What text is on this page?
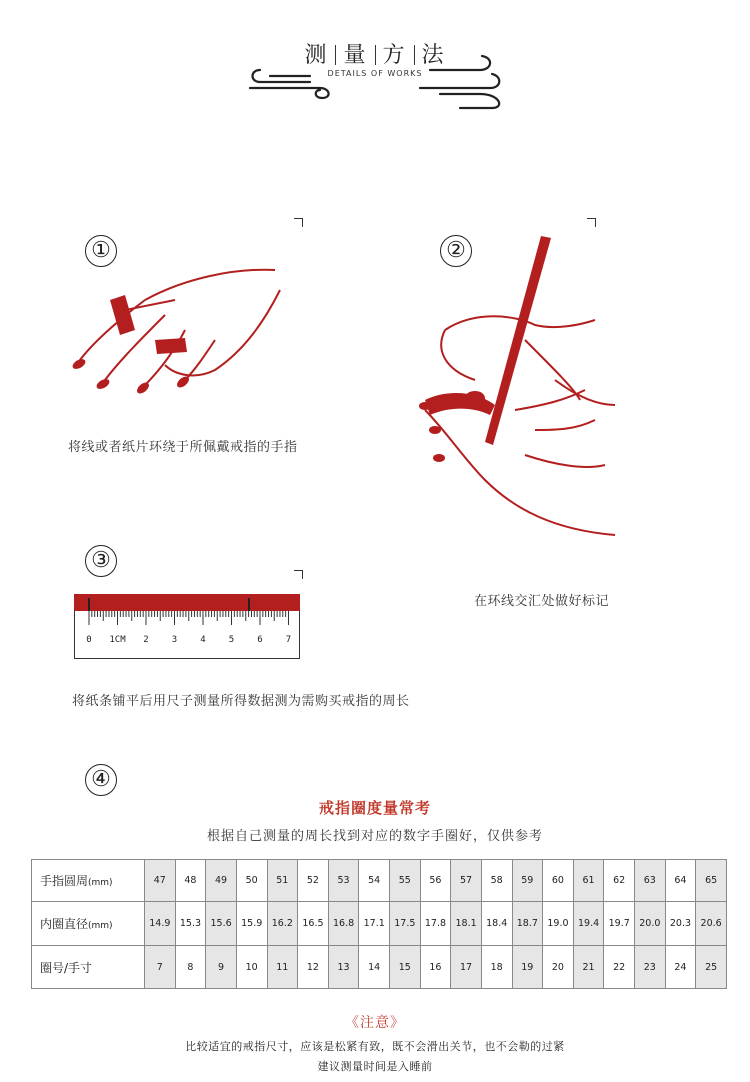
测 量 方 法
DETAILS OF WORKS
①
将线或者纸片环绕于所佩戴戒指的手指
②
在环线交汇处做好标记
③
0 1CM 2	3	4	5	6	7
将纸条铺平后用尺子测量所得数据测为需购买戒指的周长
④
戒指圈度量常考
根据自己测量的周长找到对应的数字手圈好，仅供参考
手指圆周(mm)	47	48	49	50	51	52	53	54	55	56	57	58	59	60	61	62	63	64	65
内圈直径(mm)	14.9	15.3	15.6	15.9	16.2	16.5	16.8	17.1	17.5	17.8	18.1	18.4	18.7	19.0	19.4	19.7	20.0	20.3	20.6
圈号/手寸	7	8	9	10	11	12	13	14	15	16	17	18	19	20	21	22	23	24	25
《注意》
比较适宜的戒指尺寸，应该是松紧有致，既不会滑出关节，也不会勒的过紧
建议测量时间是入睡前
